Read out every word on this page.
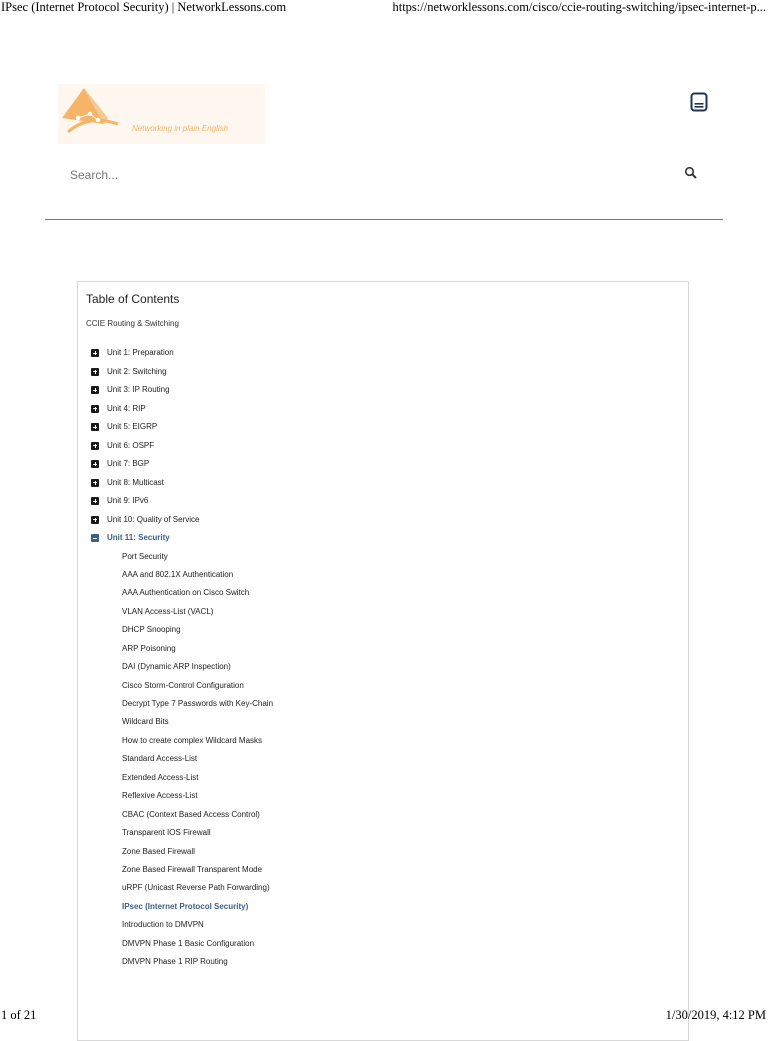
IPsec (Internet Protocol Security) | NetworkLessons.com	https://networklessons.com/cisco/ccie-routing-switching/ipsec-internet-p...
Networking in plain English
Search...
Table of Contents
CCIE Routing & Switching
Unit 1: Preparation
Unit 2: Switching
Unit 3: IP Routing
Unit 4: RIP
Unit 5: EIGRP
Unit 6: OSPF
Unit 7: BGP
Unit 8: Multicast
Unit 9: IPv6
Unit 10: Quality of Service
Unit 11: Security
Port Security
AAA and 802.1X Authentication
AAA Authentication on Cisco Switch
VLAN Access-List (VACL)
DHCP Snooping
ARP Poisoning
DAI (Dynamic ARP Inspection)
Cisco Storm-Control Configuration
Decrypt Type 7 Passwords with Key-Chain
Wildcard Bits
How to create complex Wildcard Masks
Standard Access-List
Extended Access-List
Reflexive Access-List
CBAC (Context Based Access Control)
Transparent IOS Firewall
Zone Based Firewall
Zone Based Firewall Transparent Mode
uRPF (Unicast Reverse Path Forwarding)
IPsec (Internet Protocol Security)
Introduction to DMVPN
DMVPN Phase 1 Basic Configuration
DMVPN Phase 1 RIP Routing
1 of 21	1/30/2019, 4:12 PM
